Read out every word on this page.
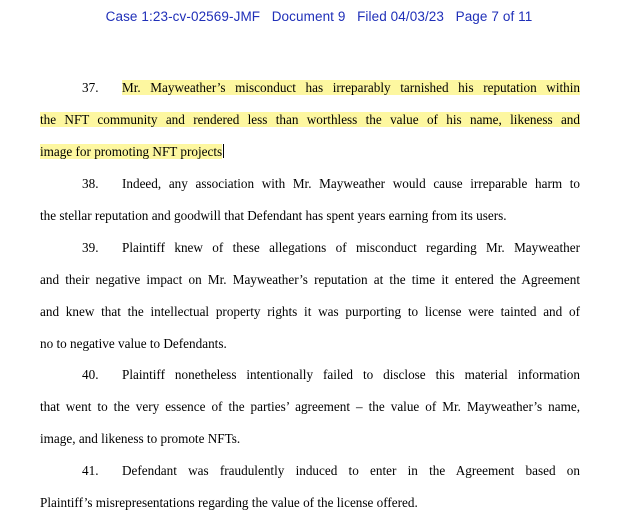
Case 1:23-cv-02569-JMF Document 9 Filed 04/03/23 Page 7 of 11
37. Mr. Mayweather’s misconduct has irreparably tarnished his reputation within
the NFT community and rendered less than worthless the value of his name, likeness and
image for promoting NFT projects
38. Indeed, any association with Mr. Mayweather would cause irreparable harm to
the stellar reputation and goodwill that Defendant has spent years earning from its users.
39. Plaintiff knew of these allegations of misconduct regarding Mr. Mayweather
and their negative impact on Mr. Mayweather’s reputation at the time it entered the Agreement
and knew that the intellectual property rights it was purporting to license were tainted and of
no to negative value to Defendants.
40. Plaintiff nonetheless intentionally failed to disclose this material information
that went to the very essence of the parties’ agreement – the value of Mr. Mayweather’s name,
image, and likeness to promote NFTs.
41. Defendant was fraudulently induced to enter in the Agreement based on
Plaintiff’s misrepresentations regarding the value of the license offered.
